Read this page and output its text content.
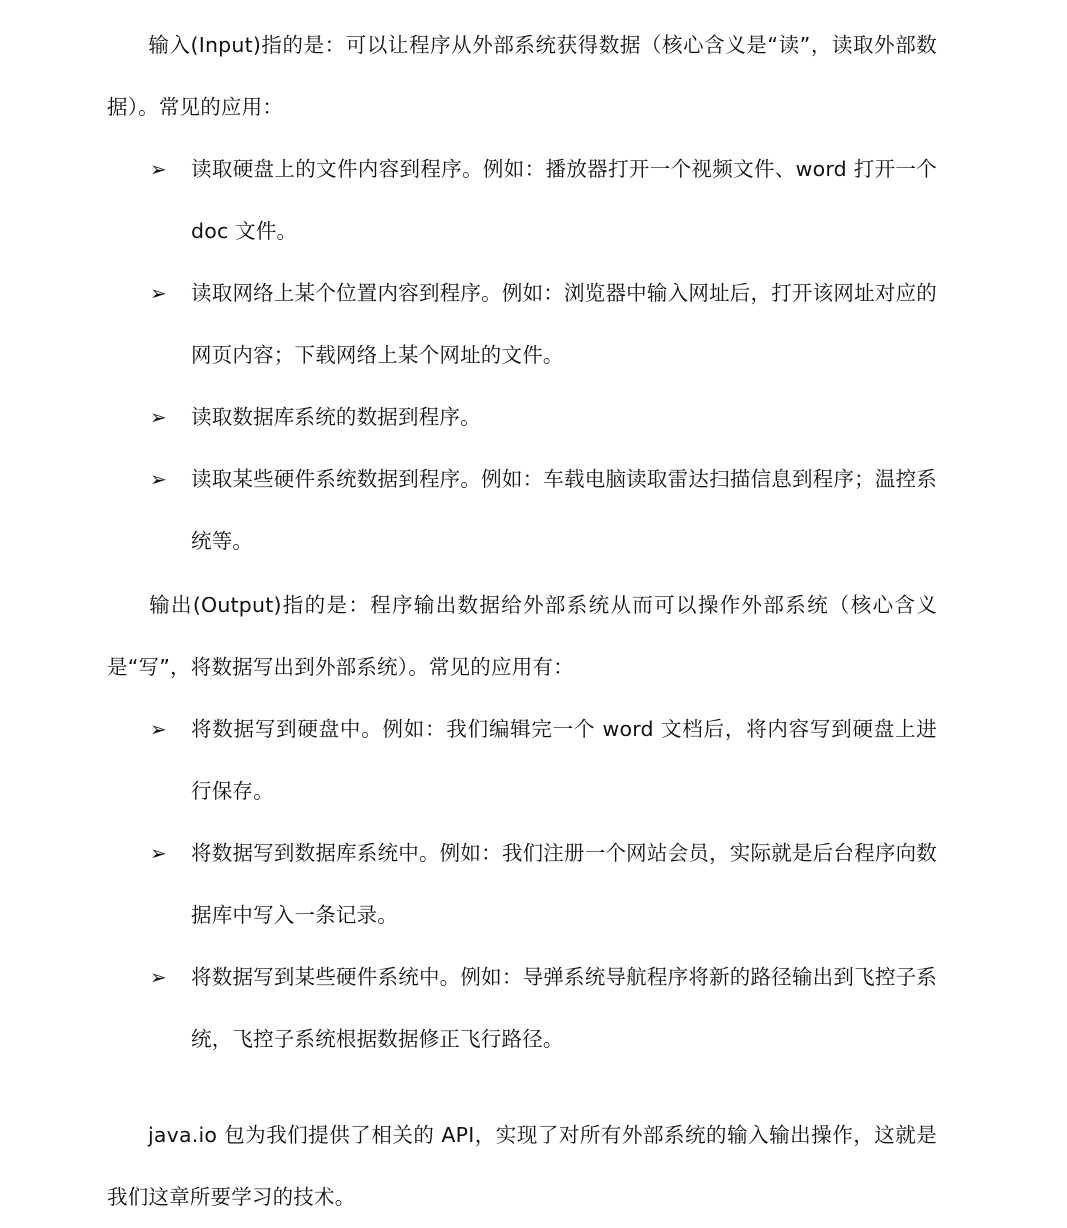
输入(Input)指的是：可以让程序从外部系统获得数据（核心含义是“读”，读取外部数据）。常见的应用：

➢ 读取硬盘上的文件内容到程序。例如：播放器打开一个视频文件、word 打开一个 doc 文件。
➢ 读取网络上某个位置内容到程序。例如：浏览器中输入网址后，打开该网址对应的网页内容；下载网络上某个网址的文件。
➢ 读取数据库系统的数据到程序。
➢ 读取某些硬件系统数据到程序。例如：车载电脑读取雷达扫描信息到程序；温控系统等。

输出(Output)指的是：程序输出数据给外部系统从而可以操作外部系统（核心含义是“写”，将数据写出到外部系统）。常见的应用有：

➢ 将数据写到硬盘中。例如：我们编辑完一个 word 文档后，将内容写到硬盘上进行保存。
➢ 将数据写到数据库系统中。例如：我们注册一个网站会员，实际就是后台程序向数据库中写入一条记录。
➢ 将数据写到某些硬件系统中。例如：导弹系统导航程序将新的路径输出到飞控子系统，飞控子系统根据数据修正飞行路径。

java.io 包为我们提供了相关的 API，实现了对所有外部系统的输入输出操作，这就是我们这章所要学习的技术。
